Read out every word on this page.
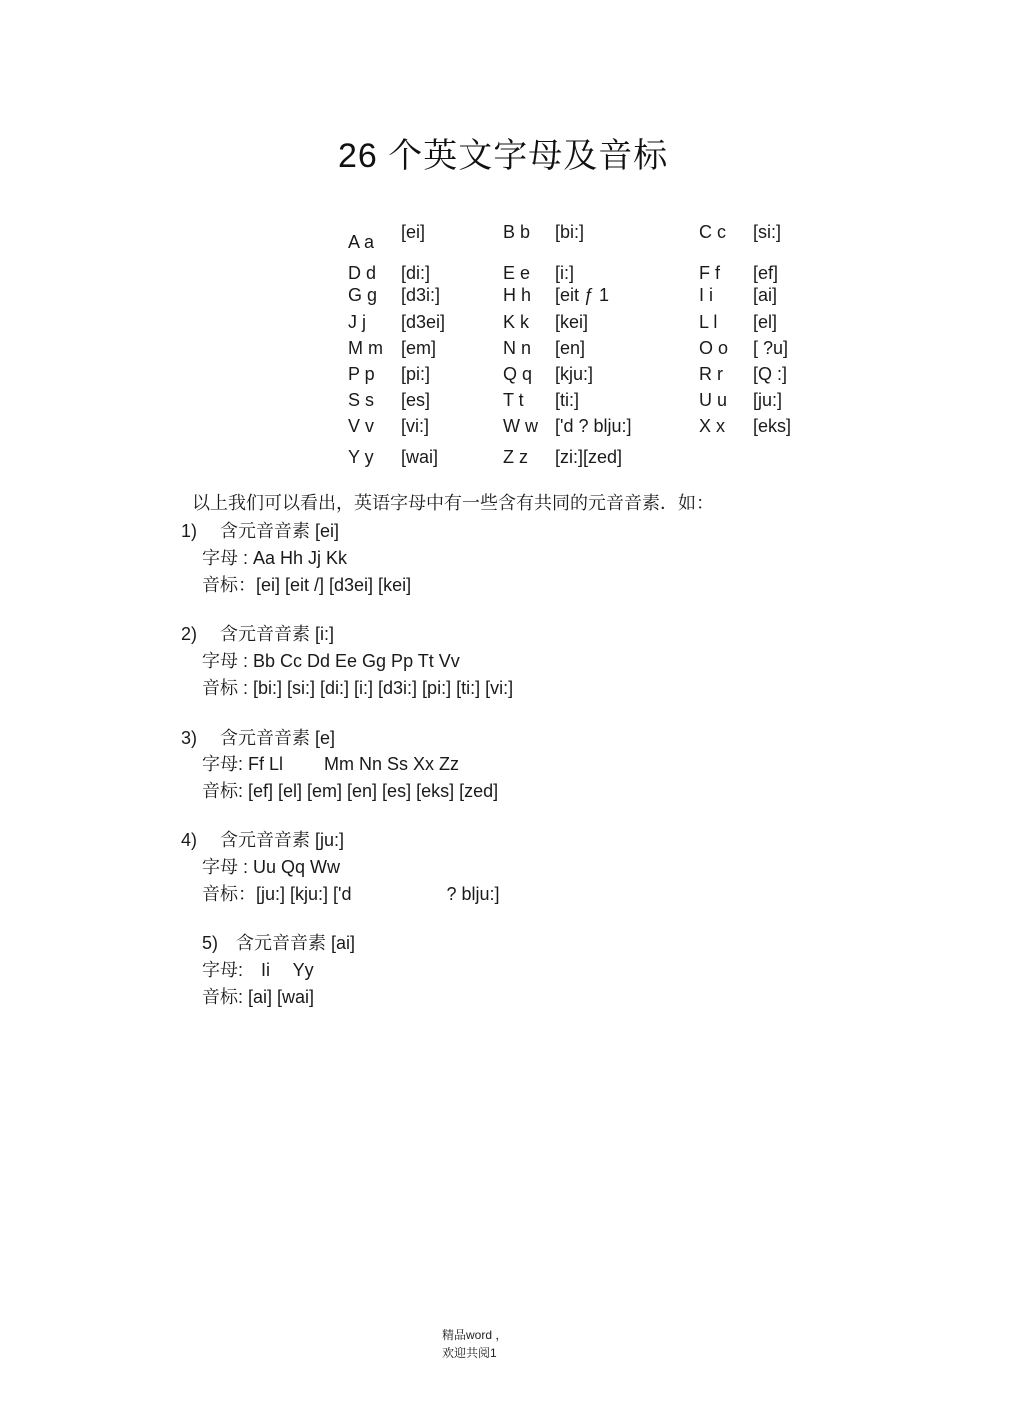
26 个英文字母及音标
A a [ei]	B b [bi:]	C c [si:]
D d [di:]	E e [i:]	F f [ef]
G g [d3i:]	H h [eit ƒ 1	I i [ai]
J j [d3ei]	K k [kei]	L l [el]
M m [em]	N n [en]	O o [ ?u]
P p [pi:]	Q q [kju:]	R r [Q :]
S s [es]	T t [ti:]	U u [ju:]
V v [vi:]	W w ['d ? blju:]	X x [eks]
Y y [wai]	Z z [zi:][zed]
以上我们可以看出，英语字母中有一些含有共同的元音音素．如：
1)　 含元音音素 [ei]
字母 : Aa Hh Jj Kk
音标：[ei] [eit /] [d3ei] [kei]
2)　 含元音音素 [i:]
字母 : Bb Cc Dd Ee Gg Pp Tt Vv
音标 : [bi:] [si:] [di:] [i:] [d3i:] [pi:] [ti:] [vi:]
3)　 含元音音素 [e]
字母: Ff Ll　　 Mm Nn Ss Xx Zz
音标: [ef] [el] [em] [en] [es] [eks] [zed]
4)　 含元音音素 [ju:]
字母 : Uu Qq Ww
音标：[ju:] [kju:] ['d　　　　　 ? blju:]
5)　含元音音素 [ai]
字母:　Ii　 Yy
音标: [ai] [wai]
精品word ，
欢迎共阅1
